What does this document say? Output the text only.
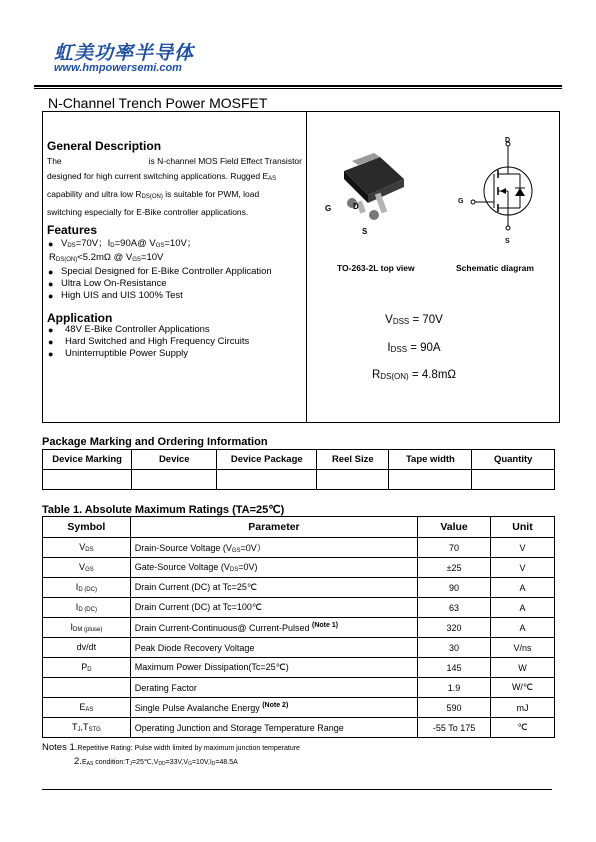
虹美功率半导体
www.hmpowersemi.com
N-Channel Trench Power MOSFET
General Description
The	is N-channel MOS Field Effect Transistor
designed for high current switching applications. Rugged EAS
capability and ultra low RDS(ON) is suitable for PWM, load
switching especially for E-Bike controller applications.
Features
● VDS=70V；ID=90A@ VGS=10V；
RDS(ON)<5.2mΩ @ VGS=10V
● Special Designed for E-Bike Controller Application
● Ultra Low On-Resistance
● High UIS and UIS 100% Test
Application
● 48V E-Bike Controller Applications
● Hard Switched and High Frequency Circuits
● Uninterruptible Power Supply
G	D
S
D
G
S
TO-263-2L top view	Schematic diagram
VDSS = 70V
IDSS = 90A
RDS(ON) = 4.8mΩ
Package Marking and Ordering Information
Device Marking	Device	Device Package	Reel Size	Tape width	Quantity

Table 1. Absolute Maximum Ratings (TA=25℃)
Symbol	Parameter	Value	Unit
VDS	Drain-Source Voltage (VGS=0V）	70	V
VGS	Gate-Source Voltage (VDS=0V)	±25	V
ID (DC)	Drain Current (DC) at Tc=25℃	90	A
ID (DC)	Drain Current (DC) at Tc=100℃	63	A
IDM (pluse)	Drain Current-Continuous@ Current-Pulsed $^{(Note 1)}$	320	A
dv/dt	Peak Diode Recovery Voltage	30	V/ns
PD	Maximum Power Dissipation(Tc=25℃)	145	W
	Derating Factor	1.9	W/℃
EAS	Single Pulse Avalanche Energy $^{(Note 2)}$	590	mJ
TJ,TSTG	Operating Junction and Storage Temperature Range	-55 To 175	℃
Notes 1.Repetitive Rating: Pulse width limited by maximum junction temperature
$2.E_{AS}$ $condition:T_J=25℃,V_{DD}=33V,V_G=10V,I_D=48.5A$
